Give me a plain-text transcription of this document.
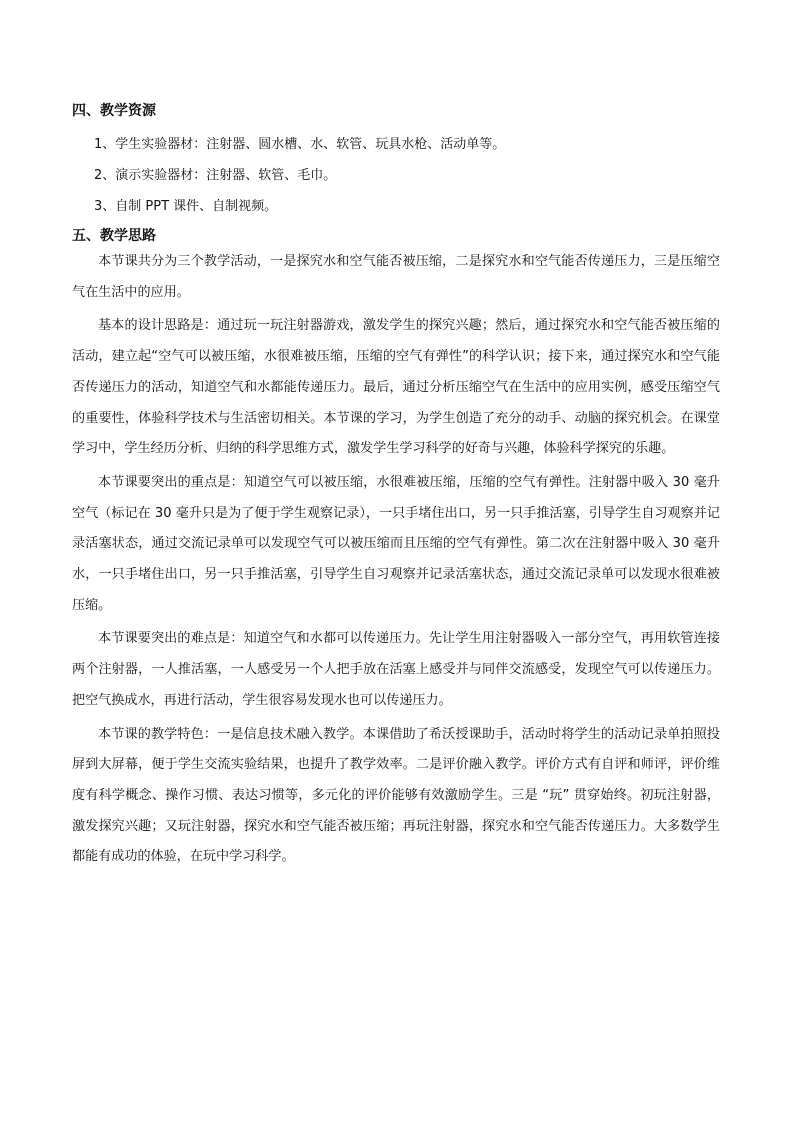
四、教学资源
1、学生实验器材：注射器、圆水槽、水、软管、玩具水枪、活动单等。
2、演示实验器材：注射器、软管、毛巾。
3、自制 PPT 课件、自制视频。
五、教学思路

本节课共分为三个教学活动，一是探究水和空气能否被压缩，二是探究水和空气能否传递压力，三是压缩空气在生活中的应用。

基本的设计思路是：通过玩一玩注射器游戏，激发学生的探究兴趣；然后，通过探究水和空气能否被压缩的活动，建立起“空气可以被压缩，水很难被压缩，压缩的空气有弹性”的科学认识；接下来，通过探究水和空气能否传递压力的活动，知道空气和水都能传递压力。最后，通过分析压缩空气在生活中的应用实例，感受压缩空气的重要性，体验科学技术与生活密切相关。本节课的学习，为学生创造了充分的动手、动脑的探究机会。在课堂学习中，学生经历分析、归纳的科学思维方式，激发学生学习科学的好奇与兴趣，体验科学探究的乐趣。

本节课要突出的重点是：知道空气可以被压缩，水很难被压缩，压缩的空气有弹性。注射器中吸入 30 毫升空气（标记在 30 毫升只是为了便于学生观察记录），一只手堵住出口，另一只手推活塞，引导学生自习观察并记录活塞状态，通过交流记录单可以发现空气可以被压缩而且压缩的空气有弹性。第二次在注射器中吸入 30 毫升水，一只手堵住出口，另一只手推活塞，引导学生自习观察并记录活塞状态，通过交流记录单可以发现水很难被压缩。

本节课要突出的难点是：知道空气和水都可以传递压力。先让学生用注射器吸入一部分空气，再用软管连接两个注射器，一人推活塞，一人感受另一个人把手放在活塞上感受并与同伴交流感受，发现空气可以传递压力。把空气换成水，再进行活动，学生很容易发现水也可以传递压力。

本节课的教学特色：一是信息技术融入教学。本课借助了希沃授课助手，活动时将学生的活动记录单拍照投屏到大屏幕，便于学生交流实验结果，也提升了教学效率。二是评价融入教学。评价方式有自评和师评，评价维度有科学概念、操作习惯、表达习惯等，多元化的评价能够有效激励学生。三是 “玩” 贯穿始终。初玩注射器，激发探究兴趣；又玩注射器，探究水和空气能否被压缩；再玩注射器，探究水和空气能否传递压力。大多数学生都能有成功的体验，在玩中学习科学。
